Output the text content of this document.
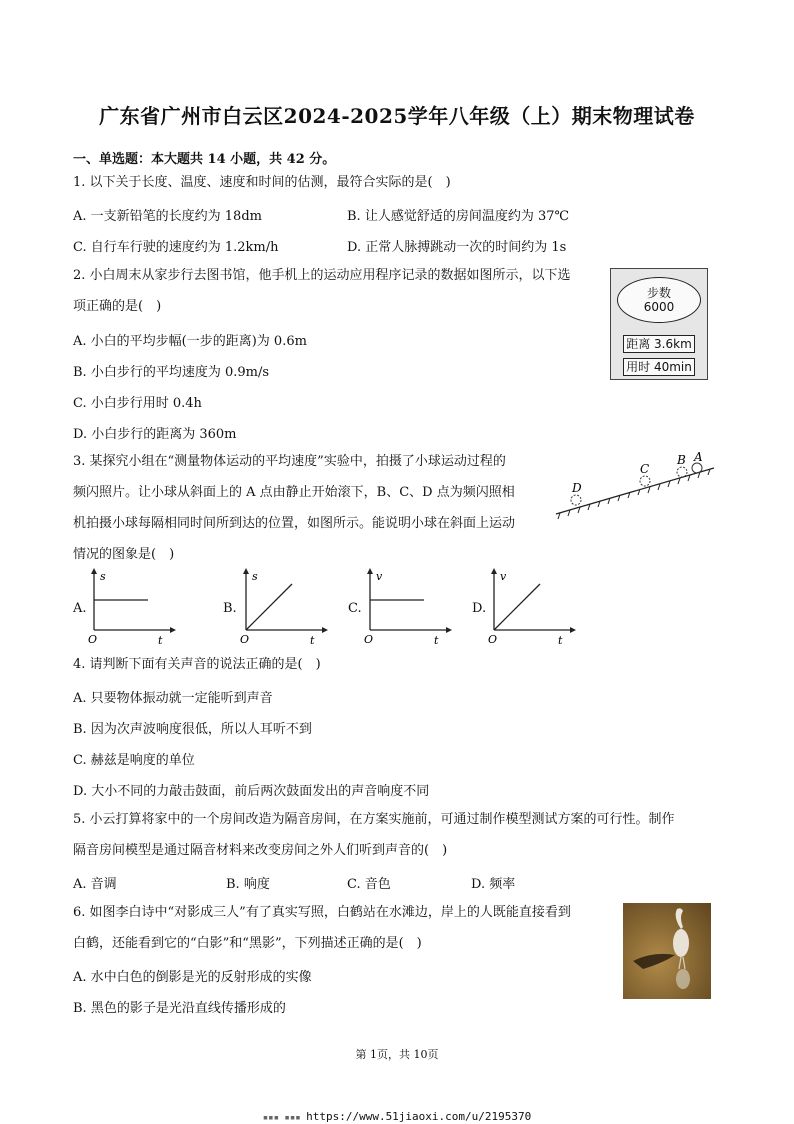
广东省广州市白云区2024-2025学年八年级（上）期末物理试卷
一、单选题：本大题共 14 小题，共 42 分。
1. 以下关于长度、温度、速度和时间的估测，最符合实际的是(　)
A. 一支新铅笔的长度约为 18dm	B. 让人感觉舒适的房间温度约为 37℃
C. 自行车行驶的速度约为 1.2km/h	D. 正常人脉搏跳动一次的时间约为 1s
2. 小白周末从家步行去图书馆，他手机上的运动应用程序记录的数据如图所示，以下选
项正确的是(　)
A. 小白的平均步幅(一步的距离)为 0.6m
B. 小白步行的平均速度为 0.9m/s
C. 小白步行用时 0.4h
D. 小白步行的距离为 360m
步数
6000
距离 3.6km
用时 40min
3. 某探究小组在“测量物体运动的平均速度”实验中，拍摄了小球运动过程的
频闪照片。让小球从斜面上的 A 点由静止开始滚下，B、C、D 点为频闪照相
机拍摄小球每隔相同时间所到达的位置，如图所示。能说明小球在斜面上运动
情况的图象是(　)
D
C
B A
A.
s
t
O
B.
s
t
O
C.
v
t
O
D.
v
t
O
4. 请判断下面有关声音的说法正确的是(　)
A. 只要物体振动就一定能听到声音
B. 因为次声波响度很低，所以人耳听不到
C. 赫兹是响度的单位
D. 大小不同的力敲击鼓面，前后两次鼓面发出的声音响度不同
5. 小云打算将家中的一个房间改造为隔音房间，在方案实施前，可通过制作模型测试方案的可行性。制作
隔音房间模型是通过隔音材料来改变房间之外人们听到声音的(　)
A. 音调	B. 响度	C. 音色	D. 频率
6. 如图李白诗中“对影成三人”有了真实写照，白鹤站在水滩边，岸上的人既能直接看到
白鹤，还能看到它的“白影”和“黑影”，下列描述正确的是(　)
A. 水中白色的倒影是光的反射形成的实像
B. 黑色的影子是光沿直线传播形成的
第 1页，共 10页
▪▪▪ ▪▪▪ https://www.51jiaoxi.com/u/2195370
